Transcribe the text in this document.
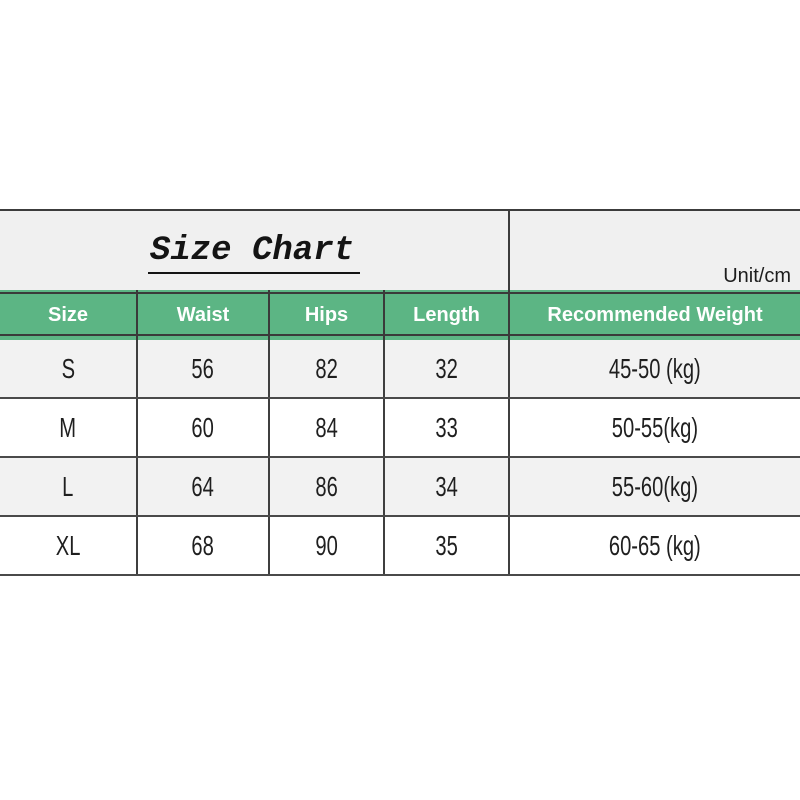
Size Chart
Unit/cm
Size	Waist	Hips	Length	Recommended Weight
S	56	82	32	45-50 (kg)
M	60	84	33	50-55(kg)
L	64	86	34	55-60(kg)
XL	68	90	35	60-65 (kg)
